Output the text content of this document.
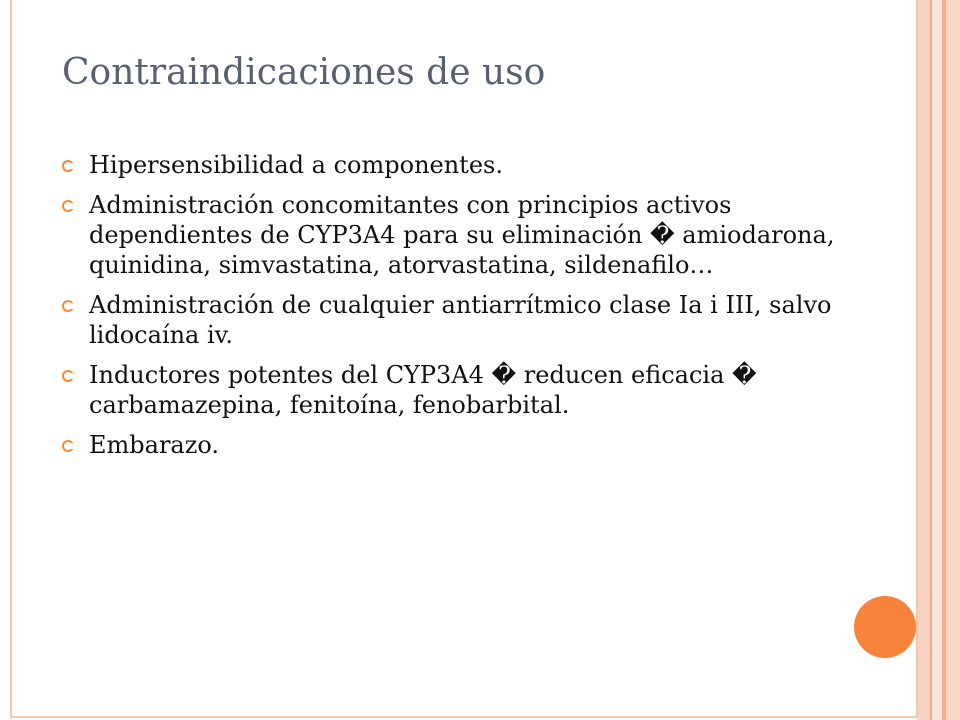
Contraindicaciones de uso
Hipersensibilidad a componentes.
Administración concomitantes con principios activos dependientes de CYP3A4 para su eliminación � amiodarona, quinidina, simvastatina, atorvastatina, sildenafilo…
Administración de cualquier antiarrítmico clase Ia i III, salvo lidocaína iv.
Inductores potentes del CYP3A4 � reducen eficacia � carbamazepina, fenitoína, fenobarbital.
Embarazo.
